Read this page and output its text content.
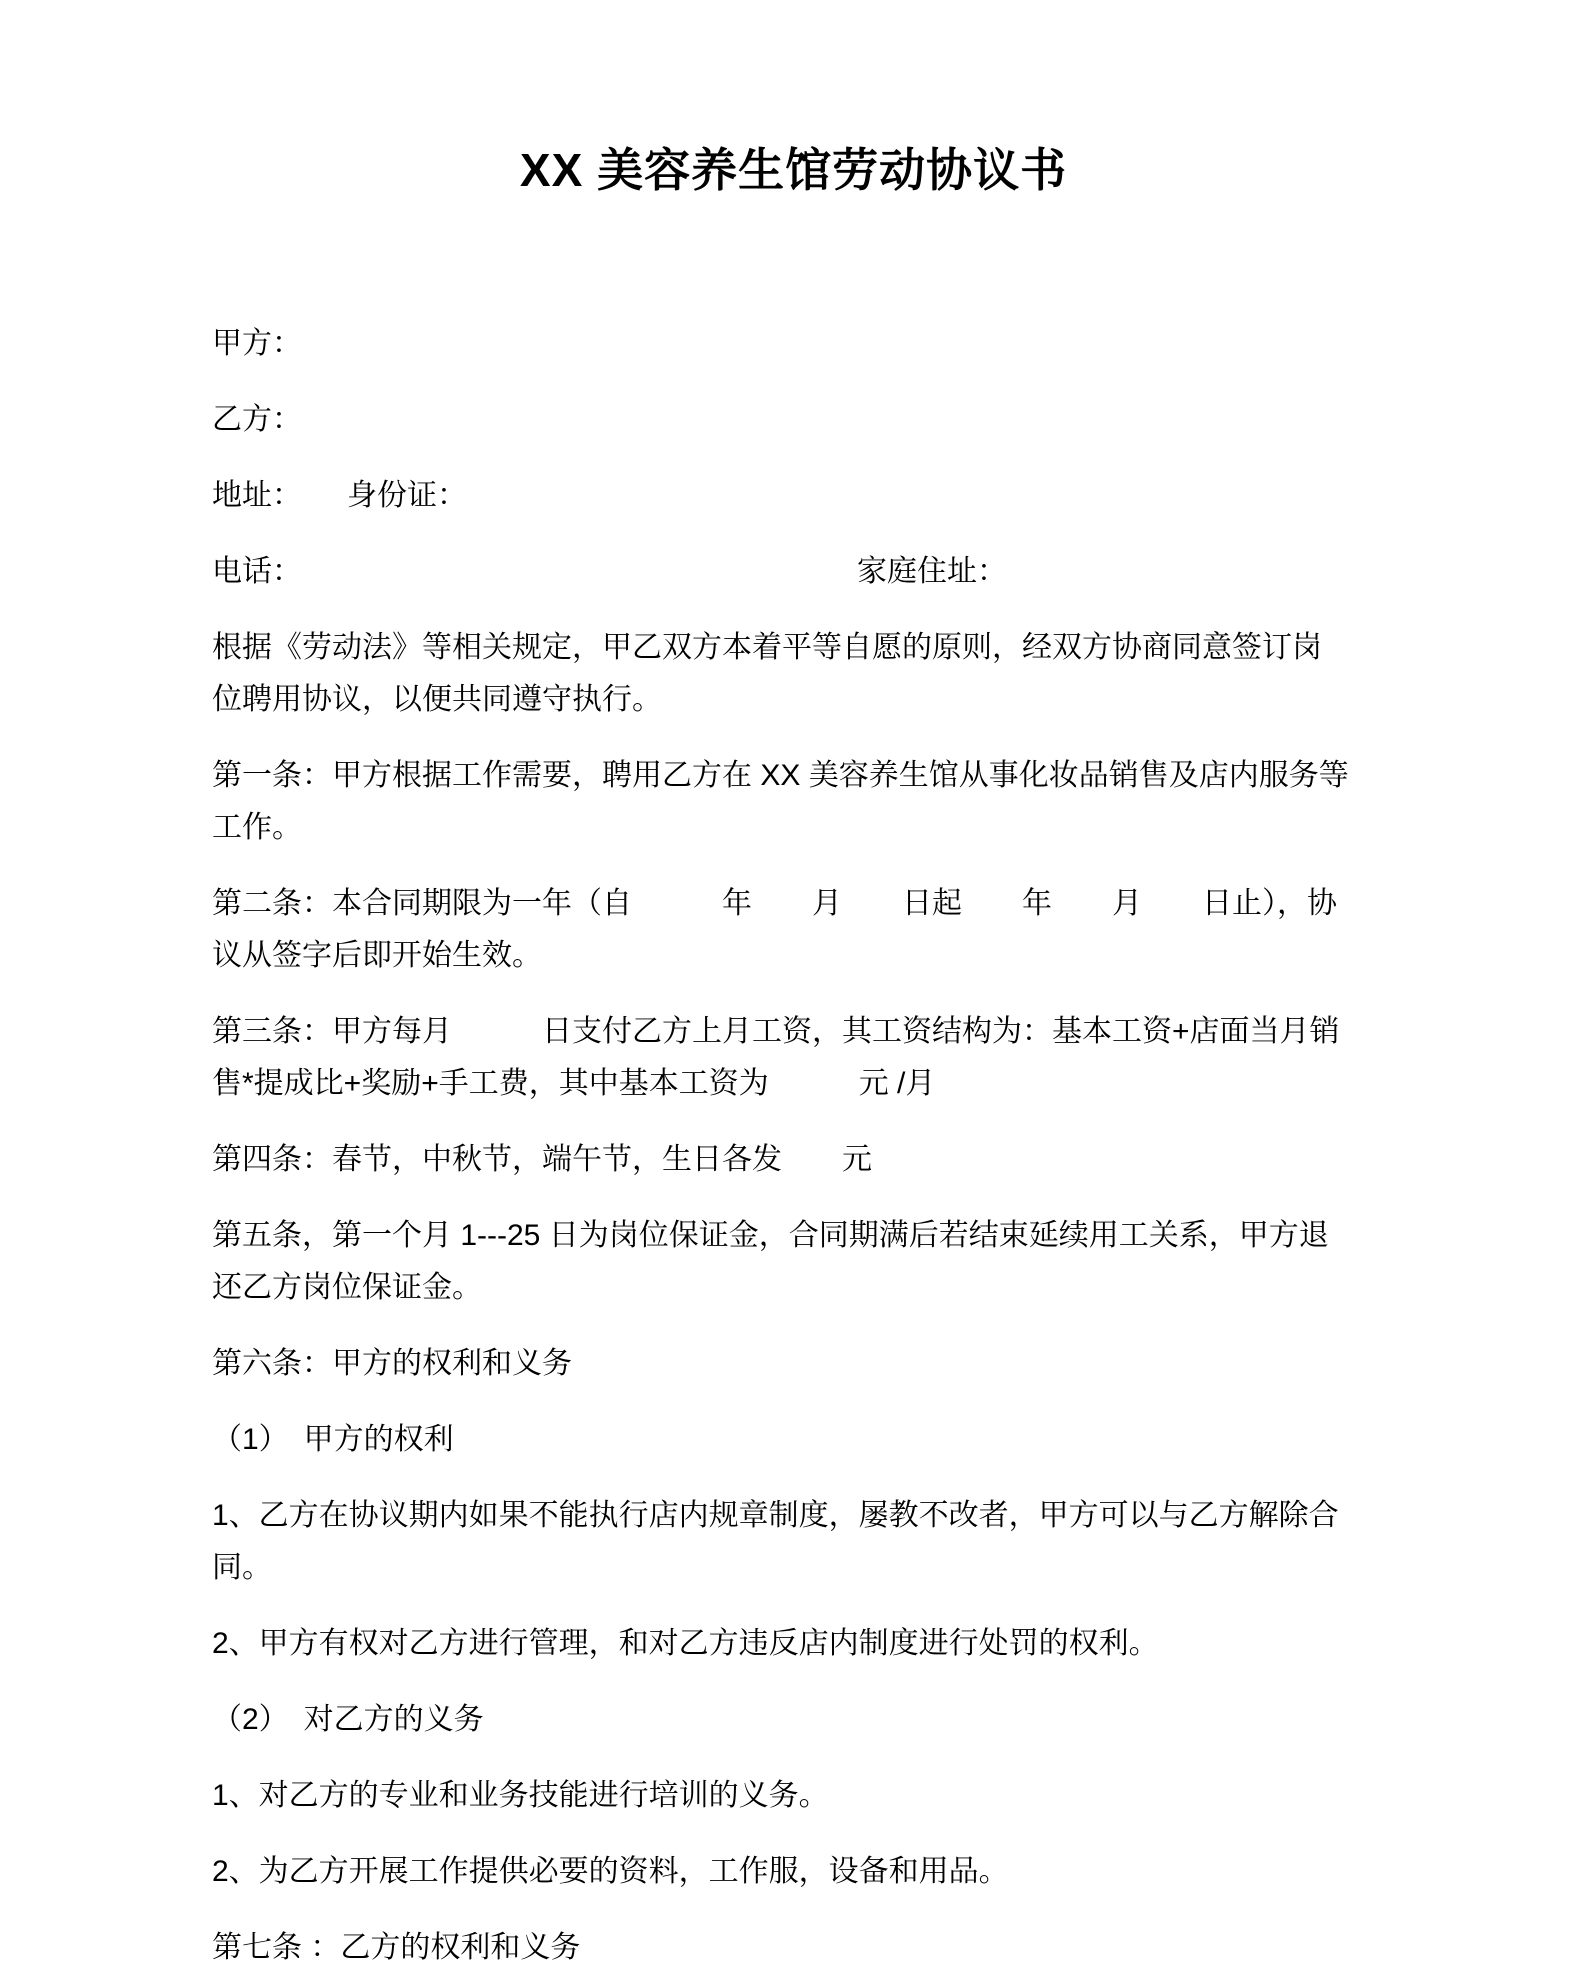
XX 美容养生馆劳动协议书

甲方：

乙方：

地址：　　身份证：

电话：　　　　　　　　　　　　　　　　　　　家庭住址：

根据《劳动法》等相关规定，甲乙双方本着平等自愿的原则，经双方协商同意签订岗
位聘用协议，以便共同遵守执行。

第一条：甲方根据工作需要，聘用乙方在 XX 美容养生馆从事化妆品销售及店内服务等
工作。

第二条：本合同期限为一年（自　　　年　　月　　日起　　年　　月　　日止），协
议从签字后即开始生效。

第三条：甲方每月　　　日支付乙方上月工资，其工资结构为：基本工资+店面当月销
售*提成比+奖励+手工费，其中基本工资为　　　元 /月

第四条：春节，中秋节，端午节，生日各发　　元

第五条，第一个月 1---25 日为岗位保证金，合同期满后若结束延续用工关系，甲方退
还乙方岗位保证金。

第六条：甲方的权利和义务

（1）　甲方的权利

1、乙方在协议期内如果不能执行店内规章制度，屡教不改者，甲方可以与乙方解除合
同。

2、甲方有权对乙方进行管理，和对乙方违反店内制度进行处罚的权利。

（2）　对乙方的义务

1、对乙方的专业和业务技能进行培训的义务。

2、为乙方开展工作提供必要的资料，工作服，设备和用品。

第七条 ：乙方的权利和义务
